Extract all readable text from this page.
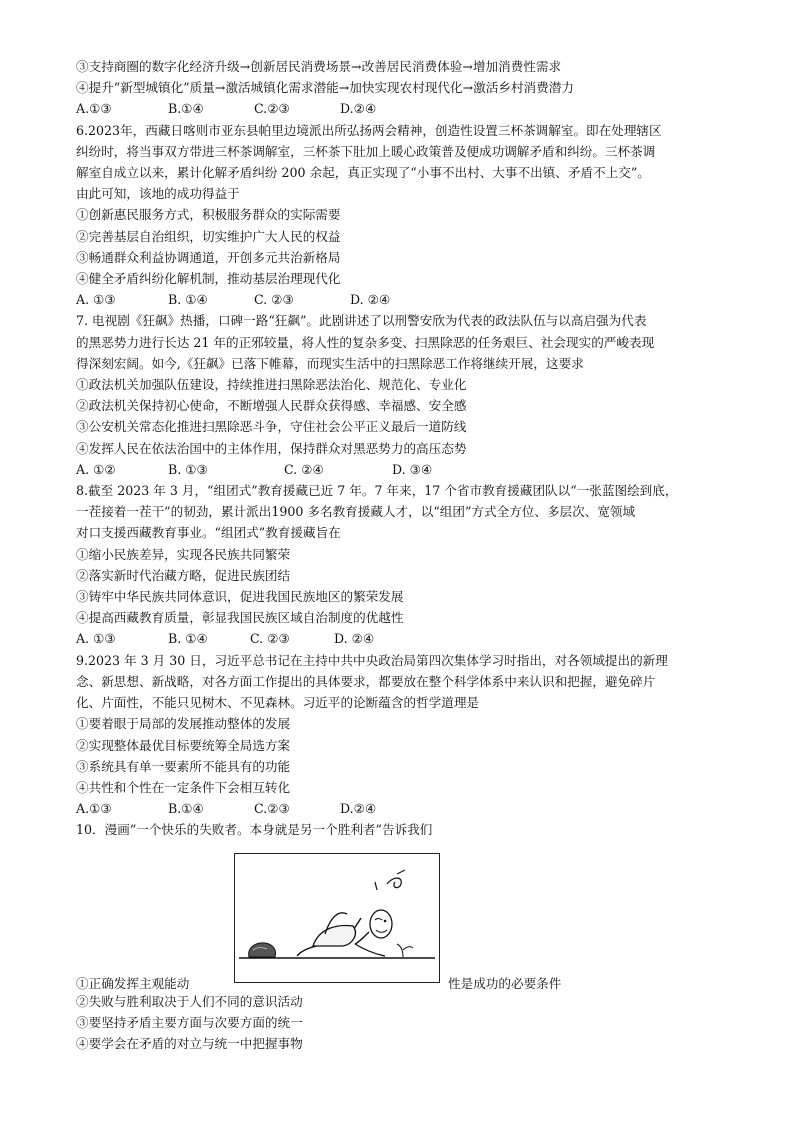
③支持商圈的数字化经济升级→创新居民消费场景→改善居民消费体验→增加消费性需求
④提升“新型城镇化”质量→激活城镇化需求潜能→加快实现农村现代化→激活乡村消费潜力
A.①③	B.①④	C.②③	D.②④
6.2023年，西藏日喀则市亚东县帕里边境派出所弘扬两会精神，创造性设置三杯茶调解室。即在处理辖区
纠纷时，将当事双方带进三杯茶调解室，三杯茶下肚加上暖心政策普及便成功调解矛盾和纠纷。三杯茶调
解室自成立以来，累计化解矛盾纠纷 200 余起，真正实现了“小事不出村、大事不出镇、矛盾不上交”。
由此可知，该地的成功得益于
①创新惠民服务方式，积极服务群众的实际需要
②完善基层自治组织，切实维护广大人民的权益
③畅通群众利益协调通道，开创多元共治新格局
④健全矛盾纠纷化解机制，推动基层治理现代化
A. ①③	B. ①④	C. ②③	D. ②④
7. 电视剧《狂飙》热播，口碑一路“狂飙”。此剧讲述了以刑警安欣为代表的政法队伍与以高启强为代表
的黑恶势力进行长达 21 年的正邪较量，将人性的复杂多变、扫黑除恶的任务艰巨、社会现实的严峻表现
得深刻宏阔。如今,《狂飙》已落下帷幕，而现实生活中的扫黑除恶工作将继续开展，这要求
①政法机关加强队伍建设，持续推进扫黑除恶法治化、规范化、专业化
②政法机关保持初心使命，不断增强人民群众获得感、幸福感、安全感
③公安机关常态化推进扫黑除恶斗争，守住社会公平正义最后一道防线
④发挥人民在依法治国中的主体作用，保持群众对黑恶势力的高压态势
A. ①②	B. ①③	C. ②④	D. ③④
8.截至 2023 年 3 月，“组团式”教育援藏已近 7 年。7 年来，17 个省市教育援藏团队以“一张蓝图绘到底，
一茬接着一茬干”的韧劲，累计派出1900 多名教育援藏人才，以“组团”方式全方位、多层次、宽领域
对口支援西藏教育事业。“组团式”教育援藏旨在
①缩小民族差异，实现各民族共同繁荣
②落实新时代治藏方略，促进民族团结
③铸牢中华民族共同体意识，促进我国民族地区的繁荣发展
④提高西藏教育质量，彰显我国民族区域自治制度的优越性
A. ①③	B. ①④	C. ②③	D. ②④
9.2023 年 3 月 30 日，习近平总书记在主持中共中央政治局第四次集体学习时指出，对各领域提出的新理
念、新思想、新战略，对各方面工作提出的具体要求，都要放在整个科学体系中来认识和把握，避免碎片
化、片面性，不能只见树木、不见森林。习近平的论断蕴含的哲学道理是
①要着眼于局部的发展推动整体的发展
②实现整体最优目标要统筹全局选方案
③系统具有单一要素所不能具有的功能
④共性和个性在一定条件下会相互转化
A.①③	B.①④	C.②③	D.②④
10．漫画“一个快乐的失败者。本身就是另一个胜利者”告诉我们
①正确发挥主观能动	性是成功的必要条件
②失败与胜利取决于人们不同的意识活动
③要坚持矛盾主要方面与次要方面的统一
④要学会在矛盾的对立与统一中把握事物
